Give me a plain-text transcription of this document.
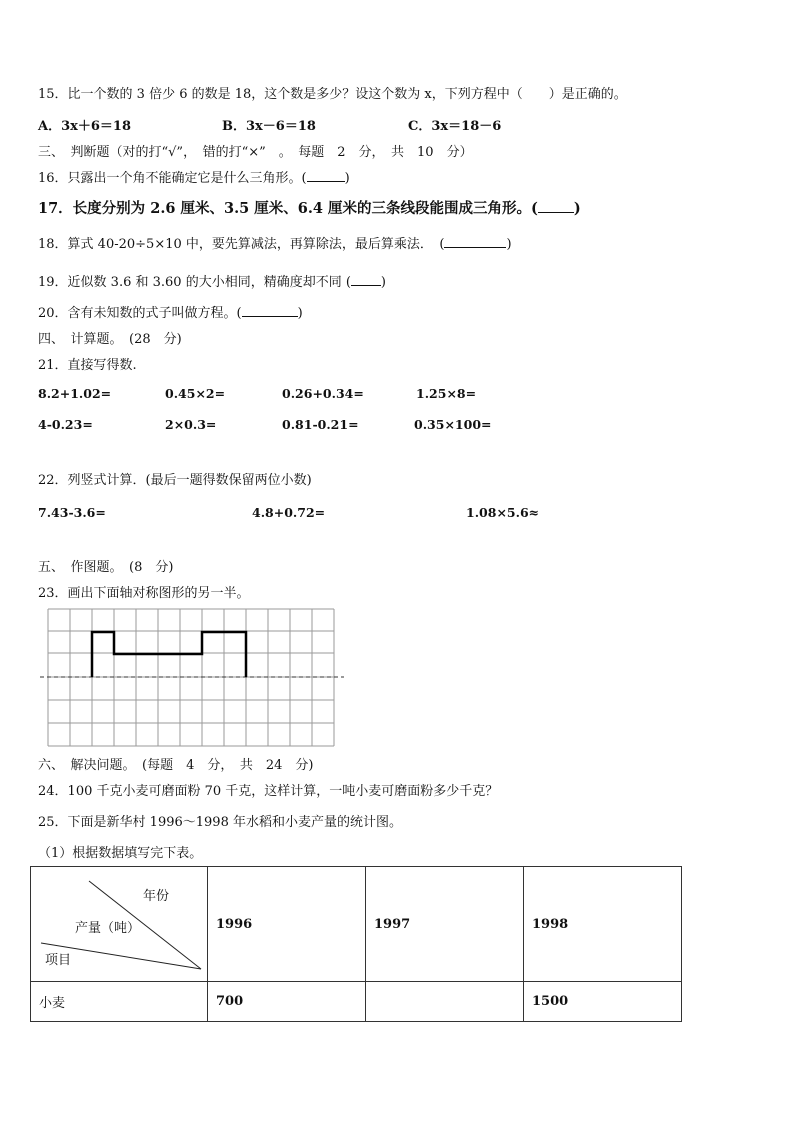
15．比一个数的 3 倍少 6 的数是 18，这个数是多少？设这个数为 x，下列方程中（　　）是正确的。
A．3x＋6＝18	B．3x－6＝18	C．3x＝18－6
三、　判断题（对的打“√”，　错的打“×”　。　每题　2　分，　共　10　分）
16．只露出一个角不能确定它是什么三角形。(	)
17．长度分别为 2.6 厘米、3.5 厘米、6.4 厘米的三条线段能围成三角形。( )
18．算式 40-20÷5×10 中，要先算减法，再算除法，最后算乘法．　(	)
19．近似数 3.6 和 3.60 的大小相同，精确度却不同 ( )
20．含有未知数的式子叫做方程。(	)
四、　计算题。　(28　分)
21．直接写得数.
8.2+1.02=	0.45×2=	0.26+0.34=	1.25×8=
4-0.23=	2×0.3=	0.81-0.21=	0.35×100=
22．列竖式计算．(最后一题得数保留两位小数)
7.43-3.6=	4.8+0.72=	1.08×5.6≈
五、　作图题。　(8　分)
23．画出下面轴对称图形的另一半。
六、　解决问题。　(每题　4　分，　共　24　分)
24．100 千克小麦可磨面粉 70 千克，这样计算，一吨小麦可磨面粉多少千克？
25．下面是新华村 1996～1998 年水稻和小麦产量的统计图。
（1）根据数据填写完下表。
年份
产量（吨）
项目	1996	1997	1998
小麦	700		1500
